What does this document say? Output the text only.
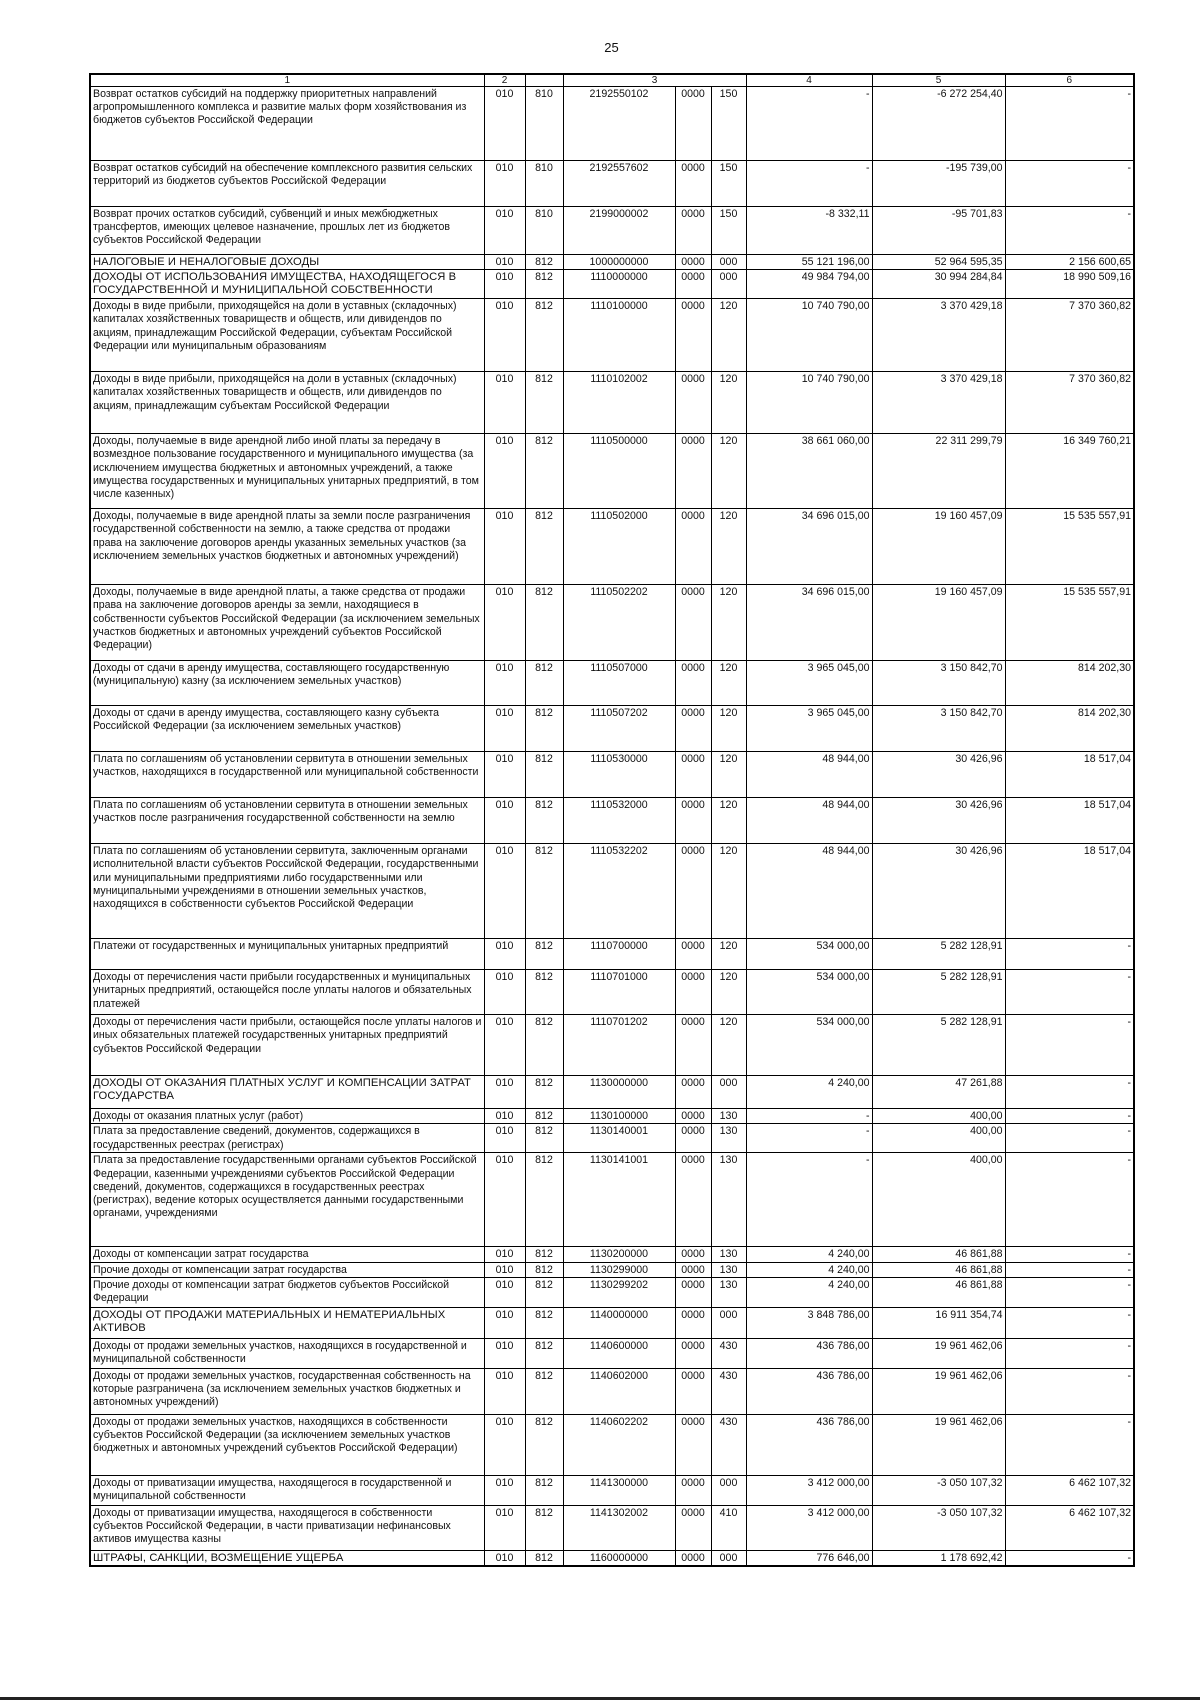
25
1	2		3			4	5	6
Возврат остатков субсидий на поддержку приоритетных направлений агропромышленного комплекса и развитие малых форм хозяйствования из бюджетов субъектов Российской Федерации	010	810	2192550102	0000	150	-	-6 272 254,40	-
Возврат остатков субсидий на обеспечение комплексного развития сельских территорий из бюджетов субъектов Российской Федерации	010	810	2192557602	0000	150	-	-195 739,00	-
Возврат прочих остатков субсидий, субвенций и иных межбюджетных трансфертов, имеющих целевое назначение, прошлых лет из бюджетов субъектов Российской Федерации	010	810	2199000002	0000	150	-8 332,11	-95 701,83	-
НАЛОГОВЫЕ И НЕНАЛОГОВЫЕ ДОХОДЫ	010	812	1000000000	0000	000	55 121 196,00	52 964 595,35	2 156 600,65
ДОХОДЫ ОТ ИСПОЛЬЗОВАНИЯ ИМУЩЕСТВА, НАХОДЯЩЕГОСЯ В ГОСУДАРСТВЕННОЙ И МУНИЦИПАЛЬНОЙ СОБСТВЕННОСТИ	010	812	1110000000	0000	000	49 984 794,00	30 994 284,84	18 990 509,16
Доходы в виде прибыли, приходящейся на доли в уставных (складочных) капиталах хозяйственных товариществ и обществ, или дивидендов по акциям, принадлежащим Российской Федерации, субъектам Российской Федерации или муниципальным образованиям	010	812	1110100000	0000	120	10 740 790,00	3 370 429,18	7 370 360,82
Доходы в виде прибыли, приходящейся на доли в уставных (складочных) капиталах хозяйственных товариществ и обществ, или дивидендов по акциям, принадлежащим субъектам Российской Федерации	010	812	1110102002	0000	120	10 740 790,00	3 370 429,18	7 370 360,82
Доходы, получаемые в виде арендной либо иной платы за передачу в возмездное пользование государственного и муниципального имущества (за исключением имущества бюджетных и автономных учреждений, а также имущества государственных и муниципальных унитарных предприятий, в том числе казенных)	010	812	1110500000	0000	120	38 661 060,00	22 311 299,79	16 349 760,21
Доходы, получаемые в виде арендной платы за земли после разграничения государственной собственности на землю, а также средства от продажи права на заключение договоров аренды указанных земельных участков (за исключением земельных участков бюджетных и автономных учреждений)	010	812	1110502000	0000	120	34 696 015,00	19 160 457,09	15 535 557,91
Доходы, получаемые в виде арендной платы, а также средства от продажи права на заключение договоров аренды за земли, находящиеся в собственности субъектов Российской Федерации (за исключением земельных участков бюджетных и автономных учреждений субъектов Российской Федерации)	010	812	1110502202	0000	120	34 696 015,00	19 160 457,09	15 535 557,91
Доходы от сдачи в аренду имущества, составляющего государственную (муниципальную) казну (за исключением земельных участков)	010	812	1110507000	0000	120	3 965 045,00	3 150 842,70	814 202,30
Доходы от сдачи в аренду имущества, составляющего казну субъекта Российской Федерации (за исключением земельных участков)	010	812	1110507202	0000	120	3 965 045,00	3 150 842,70	814 202,30
Плата по соглашениям об установлении сервитута в отношении земельных участков, находящихся в государственной или муниципальной собственности	010	812	1110530000	0000	120	48 944,00	30 426,96	18 517,04
Плата по соглашениям об установлении сервитута в отношении земельных участков после разграничения государственной собственности на землю	010	812	1110532000	0000	120	48 944,00	30 426,96	18 517,04
Плата по соглашениям об установлении сервитута, заключенным органами исполнительной власти субъектов Российской Федерации, государственными или муниципальными предприятиями либо государственными или муниципальными учреждениями в отношении земельных участков, находящихся в собственности субъектов Российской Федерации	010	812	1110532202	0000	120	48 944,00	30 426,96	18 517,04
Платежи от государственных и муниципальных унитарных предприятий	010	812	1110700000	0000	120	534 000,00	5 282 128,91	-
Доходы от перечисления части прибыли государственных и муниципальных унитарных предприятий, остающейся после уплаты налогов и обязательных платежей	010	812	1110701000	0000	120	534 000,00	5 282 128,91	-
Доходы от перечисления части прибыли, остающейся после уплаты налогов и иных обязательных платежей государственных унитарных предприятий субъектов Российской Федерации	010	812	1110701202	0000	120	534 000,00	5 282 128,91	-
ДОХОДЫ ОТ ОКАЗАНИЯ ПЛАТНЫХ УСЛУГ И КОМПЕНСАЦИИ ЗАТРАТ ГОСУДАРСТВА	010	812	1130000000	0000	000	4 240,00	47 261,88	-
Доходы от оказания платных услуг (работ)	010	812	1130100000	0000	130	-	400,00	-
Плата за предоставление сведений, документов, содержащихся в государственных реестрах (регистрах)	010	812	1130140001	0000	130	-	400,00	-
Плата за предоставление государственными органами субъектов Российской Федерации, казенными учреждениями субъектов Российской Федерации сведений, документов, содержащихся в государственных реестрах (регистрах), ведение которых осуществляется данными государственными органами, учреждениями	010	812	1130141001	0000	130	-	400,00	-
Доходы от компенсации затрат государства	010	812	1130200000	0000	130	4 240,00	46 861,88	-
Прочие доходы от компенсации затрат государства	010	812	1130299000	0000	130	4 240,00	46 861,88	-
Прочие доходы от компенсации затрат бюджетов субъектов Российской Федерации	010	812	1130299202	0000	130	4 240,00	46 861,88	-
ДОХОДЫ ОТ ПРОДАЖИ МАТЕРИАЛЬНЫХ И НЕМАТЕРИАЛЬНЫХ АКТИВОВ	010	812	1140000000	0000	000	3 848 786,00	16 911 354,74	-
Доходы от продажи земельных участков, находящихся в государственной и муниципальной собственности	010	812	1140600000	0000	430	436 786,00	19 961 462,06	-
Доходы от продажи земельных участков, государственная собственность на которые разграничена (за исключением земельных участков бюджетных и автономных учреждений)	010	812	1140602000	0000	430	436 786,00	19 961 462,06	-
Доходы от продажи земельных участков, находящихся в собственности субъектов Российской Федерации (за исключением земельных участков бюджетных и автономных учреждений субъектов Российской Федерации)	010	812	1140602202	0000	430	436 786,00	19 961 462,06	-
Доходы от приватизации имущества, находящегося в государственной и муниципальной собственности	010	812	1141300000	0000	000	3 412 000,00	-3 050 107,32	6 462 107,32
Доходы от приватизации имущества, находящегося в собственности субъектов Российской Федерации, в части приватизации нефинансовых активов имущества казны	010	812	1141302002	0000	410	3 412 000,00	-3 050 107,32	6 462 107,32
ШТРАФЫ, САНКЦИИ, ВОЗМЕЩЕНИЕ УЩЕРБА	010	812	1160000000	0000	000	776 646,00	1 178 692,42	-
